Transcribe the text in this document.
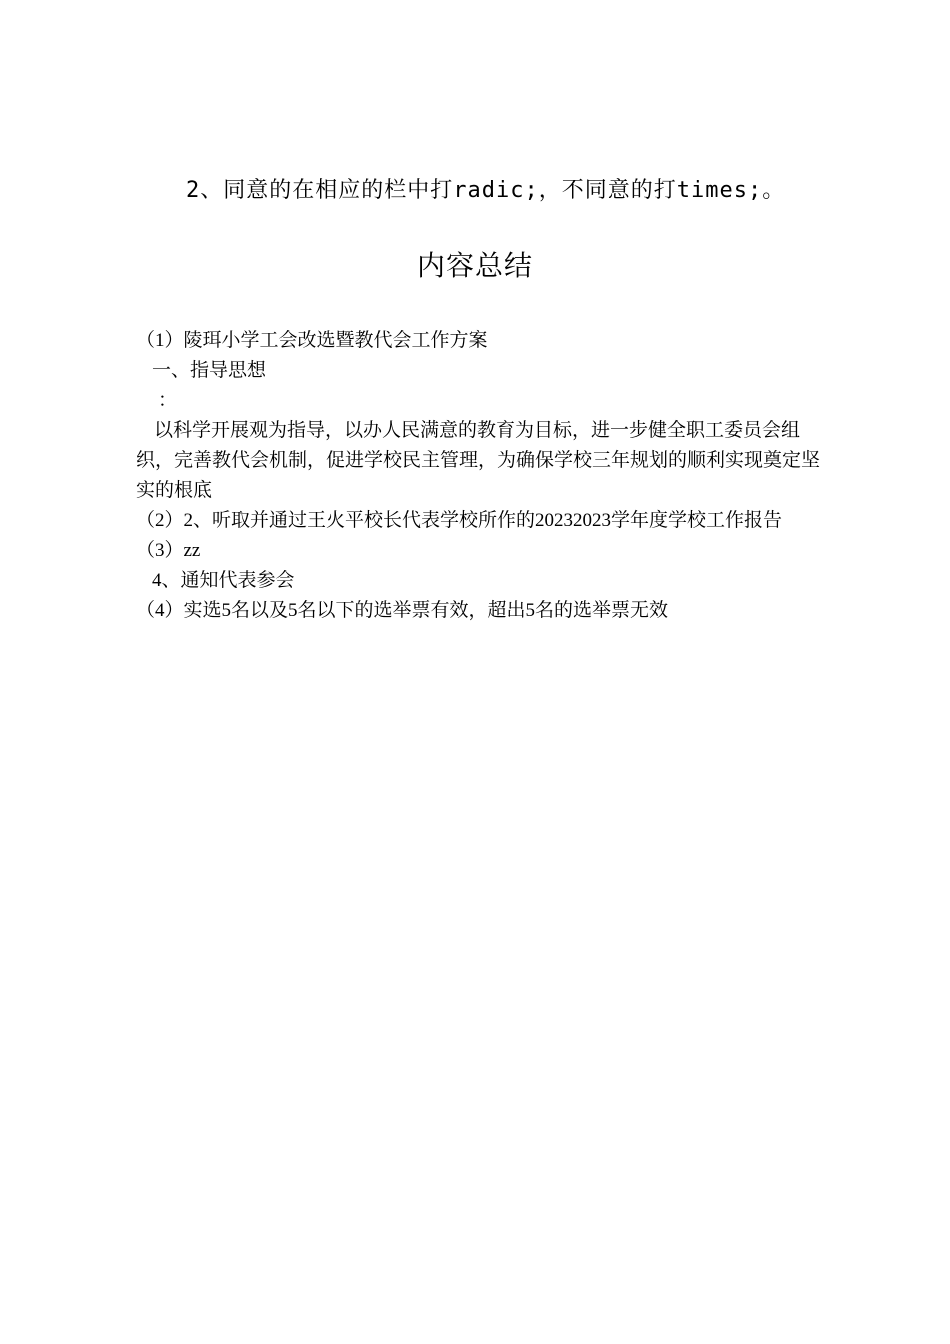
2、同意的在相应的栏中打radic;，不同意的打times;。
内容总结
（1）陵珥小学工会改选暨教代会工作方案
一、指导思想
：
以科学开展观为指导，以办人民满意的教育为目标，进一步健全职工委员会组织，完善教代会机制，促进学校民主管理，为确保学校三年规划的顺利实现奠定坚实的根底
（2）2、听取并通过王火平校长代表学校所作的20232023学年度学校工作报告
（3）zz
4、通知代表参会
（4）实选5名以及5名以下的选举票有效，超出5名的选举票无效
